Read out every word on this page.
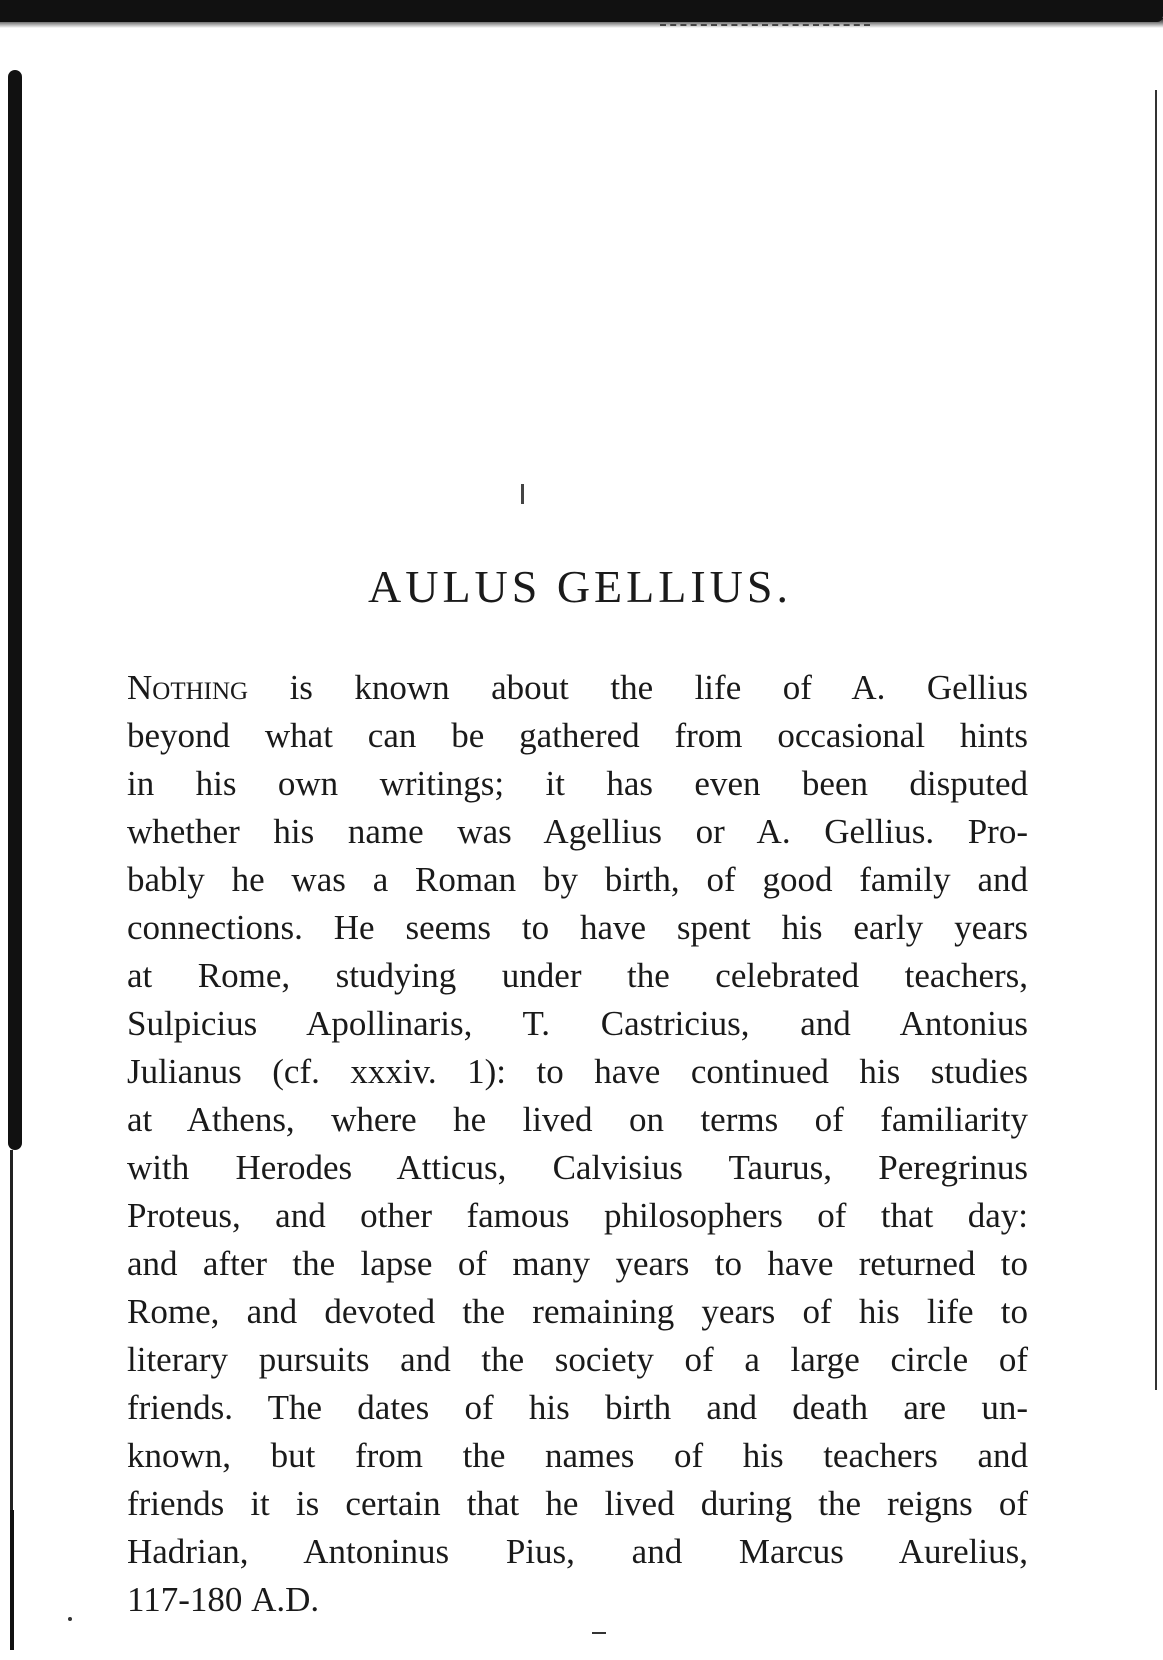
AULUS GELLIUS.
Nothing is known about the life of A. Gellius
beyond what can be gathered from occasional hints
in his own writings; it has even been disputed
whether his name was Agellius or A. Gellius. Pro-
bably he was a Roman by birth, of good family and
connections. He seems to have spent his early years
at Rome, studying under the celebrated teachers,
Sulpicius Apollinaris, T. Castricius, and Antonius
Julianus (cf. xxxiv. 1): to have continued his studies
at Athens, where he lived on terms of familiarity
with Herodes Atticus, Calvisius Taurus, Peregrinus
Proteus, and other famous philosophers of that day:
and after the lapse of many years to have returned to
Rome, and devoted the remaining years of his life to
literary pursuits and the society of a large circle of
friends. The dates of his birth and death are un-
known, but from the names of his teachers and
friends it is certain that he lived during the reigns of
Hadrian, Antoninus Pius, and Marcus Aurelius,
117-180 A.D.
